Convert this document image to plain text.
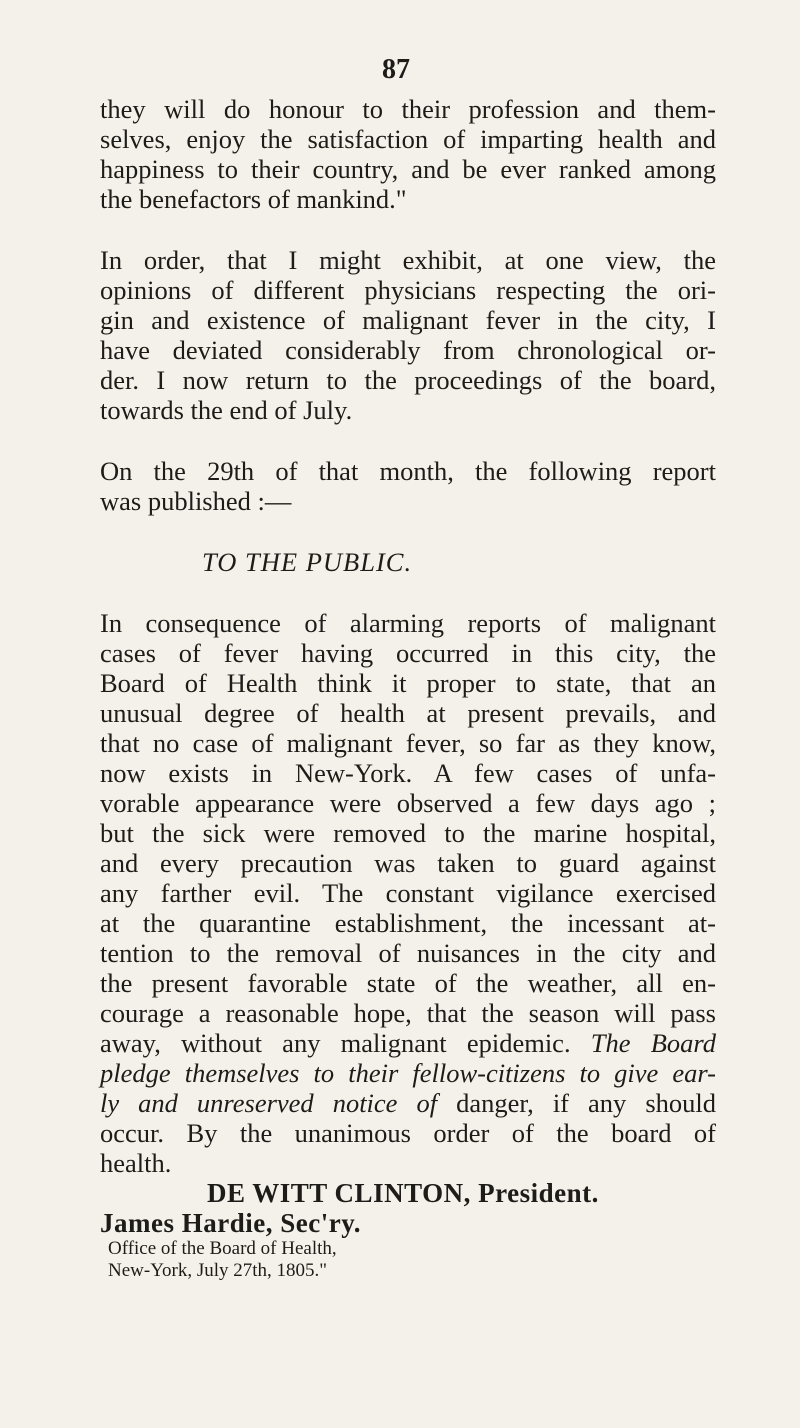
87
they will do honour to their profession and them-
selves, enjoy the satisfaction of imparting health and
happiness to their country, and be ever ranked among
the benefactors of mankind."
In order, that I might exhibit, at one view, the
opinions of different physicians respecting the ori-
gin and existence of malignant fever in the city, I
have deviated considerably from chronological or-
der. I now return to the proceedings of the board,
towards the end of July.
On the 29th of that month, the following report
was published :—
TO THE PUBLIC.
In consequence of alarming reports of malignant
cases of fever having occurred in this city, the
Board of Health think it proper to state, that an
unusual degree of health at present prevails, and
that no case of malignant fever, so far as they know,
now exists in New-York. A few cases of unfa-
vorable appearance were observed a few days ago ;
but the sick were removed to the marine hospital,
and every precaution was taken to guard against
any farther evil. The constant vigilance exercised
at the quarantine establishment, the incessant at-
tention to the removal of nuisances in the city and
the present favorable state of the weather, all en-
courage a reasonable hope, that the season will pass
away, without any malignant epidemic. The Board
pledge themselves to their fellow-citizens to give ear-
ly and unreserved notice of danger, if any should
occur. By the unanimous order of the board of
health.
DE WITT CLINTON, President.
James Hardie, Sec'ry.
Office of the Board of Health,
New-York, July 27th, 1805."
